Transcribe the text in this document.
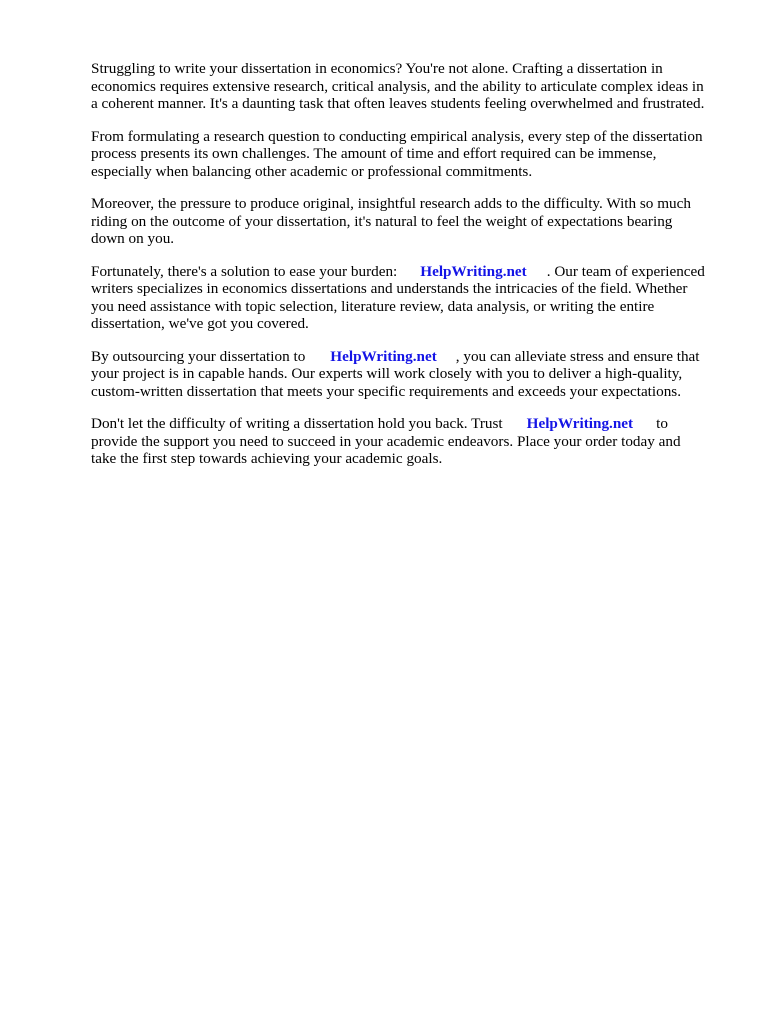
Struggling to write your dissertation in economics? You're not alone. Crafting a dissertation in
economics requires extensive research, critical analysis, and the ability to articulate complex ideas in
a coherent manner. It's a daunting task that often leaves students feeling overwhelmed and frustrated.

From formulating a research question to conducting empirical analysis, every step of the dissertation
process presents its own challenges. The amount of time and effort required can be immense,
especially when balancing other academic or professional commitments.

Moreover, the pressure to produce original, insightful research adds to the difficulty. With so much
riding on the outcome of your dissertation, it's natural to feel the weight of expectations bearing
down on you.

Fortunately, there's a solution to ease your burden: HelpWriting.net . Our team of experienced
writers specializes in economics dissertations and understands the intricacies of the field. Whether
you need assistance with topic selection, literature review, data analysis, or writing the entire
dissertation, we've got you covered.

By outsourcing your dissertation to HelpWriting.net , you can alleviate stress and ensure that
your project is in capable hands. Our experts will work closely with you to deliver a high-quality,
custom-written dissertation that meets your specific requirements and exceeds your expectations.

Don't let the difficulty of writing a dissertation hold you back. Trust HelpWriting.net to
provide the support you need to succeed in your academic endeavors. Place your order today and
take the first step towards achieving your academic goals.
